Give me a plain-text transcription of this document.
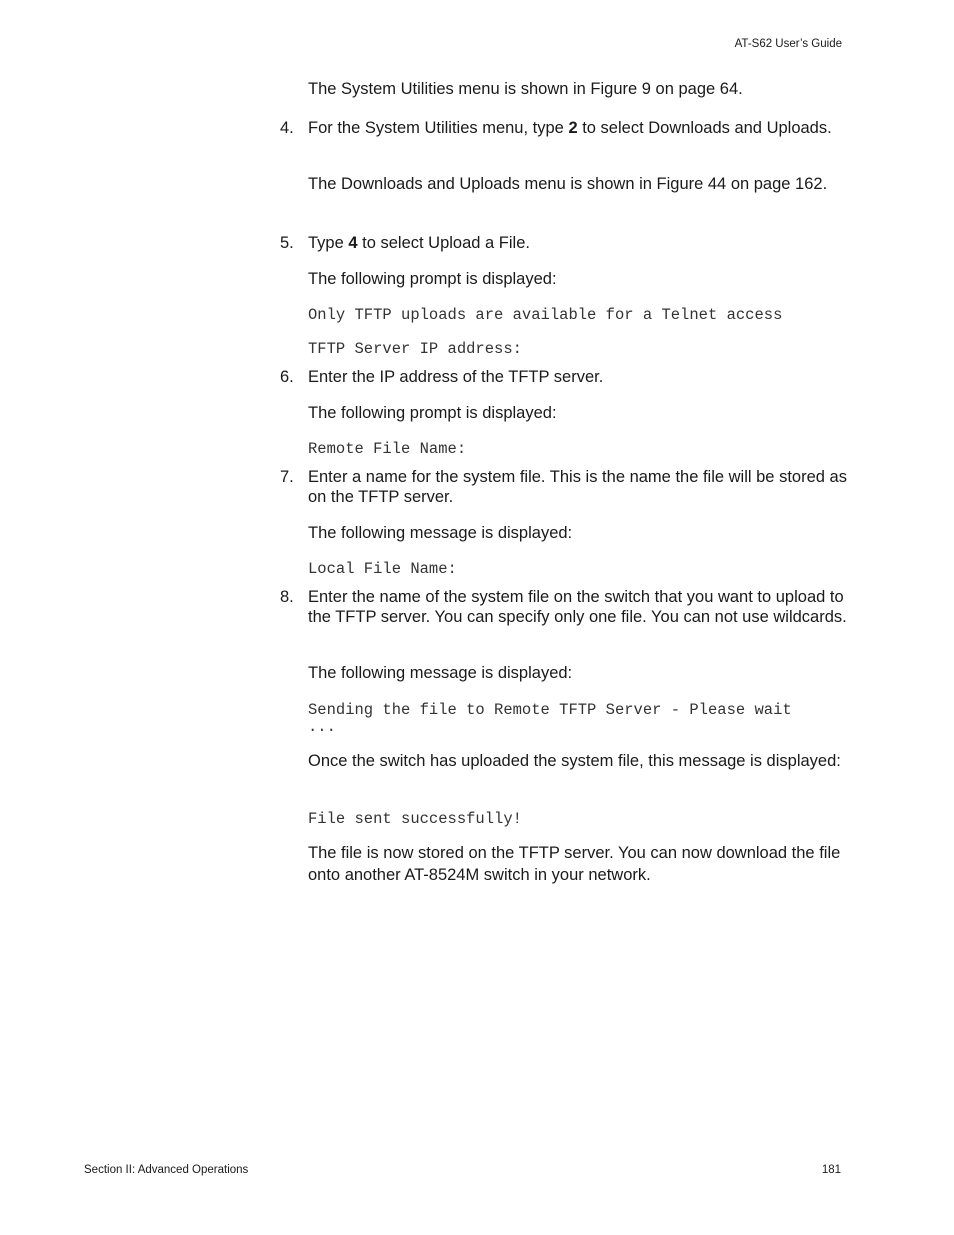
AT-S62 User’s Guide
The System Utilities menu is shown in Figure 9 on page 64.
4. For the System Utilities menu, type 2 to select Downloads and Uploads.
The Downloads and Uploads menu is shown in Figure 44 on page 162.
5. Type 4 to select Upload a File.
The following prompt is displayed:
Only TFTP uploads are available for a Telnet access
TFTP Server IP address:
6. Enter the IP address of the TFTP server.
The following prompt is displayed:
Remote File Name:
7. Enter a name for the system file. This is the name the file will be stored as on the TFTP server.
The following message is displayed:
Local File Name:
8. Enter the name of the system file on the switch that you want to upload to the TFTP server. You can specify only one file. You can not use wildcards.
The following message is displayed:
Sending the file to Remote TFTP Server - Please wait
...
Once the switch has uploaded the system file, this message is displayed:
File sent successfully!
The file is now stored on the TFTP server. You can now download the file onto another AT-8524M switch in your network.
Section II: Advanced Operations	181
